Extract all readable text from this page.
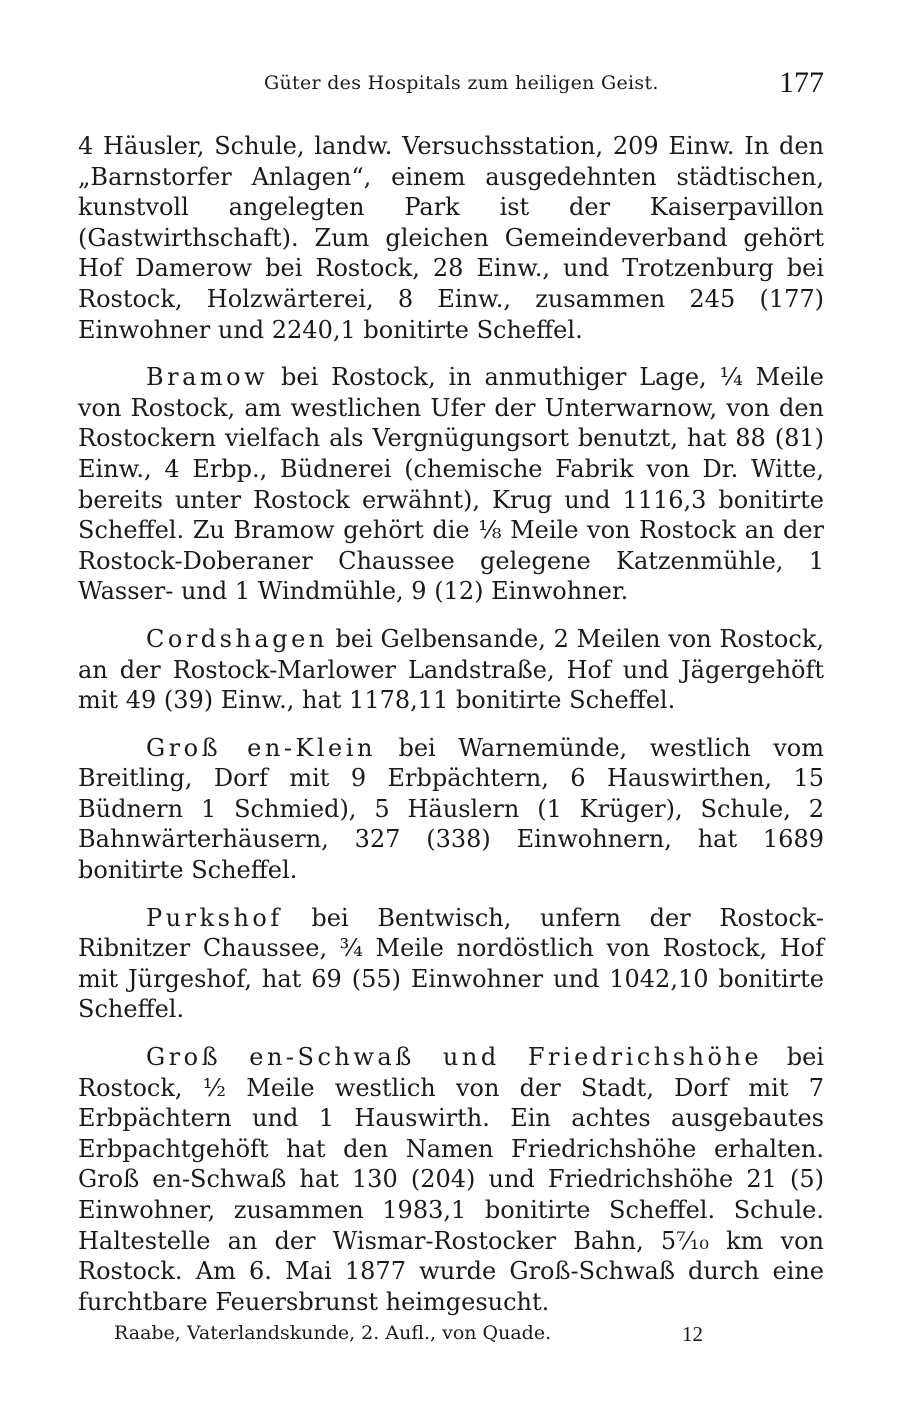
Güter des Hospitals zum heiligen Geist.	177

4 Häusler, Schule, landw. Versuchsstation, 209 Einw. In den „Barnstorfer Anlagen“, einem ausgedehnten städtischen, kunstvoll angelegten Park ist der Kaiserpavillon (Gastwirthschaft). Zum gleichen Gemeindeverband gehört Hof Damerow bei Rostock, 28 Einw., und Trotzenburg bei Rostock, Holzwärterei, 8 Einw., zusammen 245 (177) Einwohner und 2240,1 bonitirte Scheffel.

Bramow bei Rostock, in anmuthiger Lage, ¼ Meile von Rostock, am westlichen Ufer der Unterwarnow, von den Rostockern vielfach als Vergnügungsort benutzt, hat 88 (81) Einw., 4 Erbp., Büdnerei (chemische Fabrik von Dr. Witte, bereits unter Rostock erwähnt), Krug und 1116,3 bonitirte Scheffel. Zu Bramow gehört die ⅛ Meile von Rostock an der Rostock-Doberaner Chaussee gelegene Katzenmühle, 1 Wasser- und 1 Windmühle, 9 (12) Einwohner.

Cordshagen bei Gelbensande, 2 Meilen von Rostock, an der Rostock-Marlower Landstraße, Hof und Jägergehöft mit 49 (39) Einw., hat 1178,11 bonitirte Scheffel.

Groß en-Klein bei Warnemünde, westlich vom Breitling, Dorf mit 9 Erbpächtern, 6 Hauswirthen, 15 Büdnern 1 Schmied), 5 Häuslern (1 Krüger), Schule, 2 Bahnwärterhäusern, 327 (338) Einwohnern, hat 1689 bonitirte Scheffel.

Purkshof bei Bentwisch, unfern der Rostock-Ribnitzer Chaussee, ¾ Meile nordöstlich von Rostock, Hof mit Jürgeshof, hat 69 (55) Einwohner und 1042,10 bonitirte Scheffel.

Groß en-Schwaß und Friedrichshöhe bei Rostock, ½ Meile westlich von der Stadt, Dorf mit 7 Erbpächtern und 1 Hauswirth. Ein achtes ausgebautes Erbpachtgehöft hat den Namen Friedrichshöhe erhalten. Groß en-Schwaß hat 130 (204) und Friedrichshöhe 21 (5) Einwohner, zusammen 1983,1 bonitirte Scheffel. Schule. Haltestelle an der Wismar-Rostocker Bahn, 5⁷⁄₁₀ km von Rostock. Am 6. Mai 1877 wurde Groß-Schwaß durch eine furchtbare Feuersbrunst heimgesucht.

Raabe, Vaterlandskunde, 2. Aufl., von Quade.	12
